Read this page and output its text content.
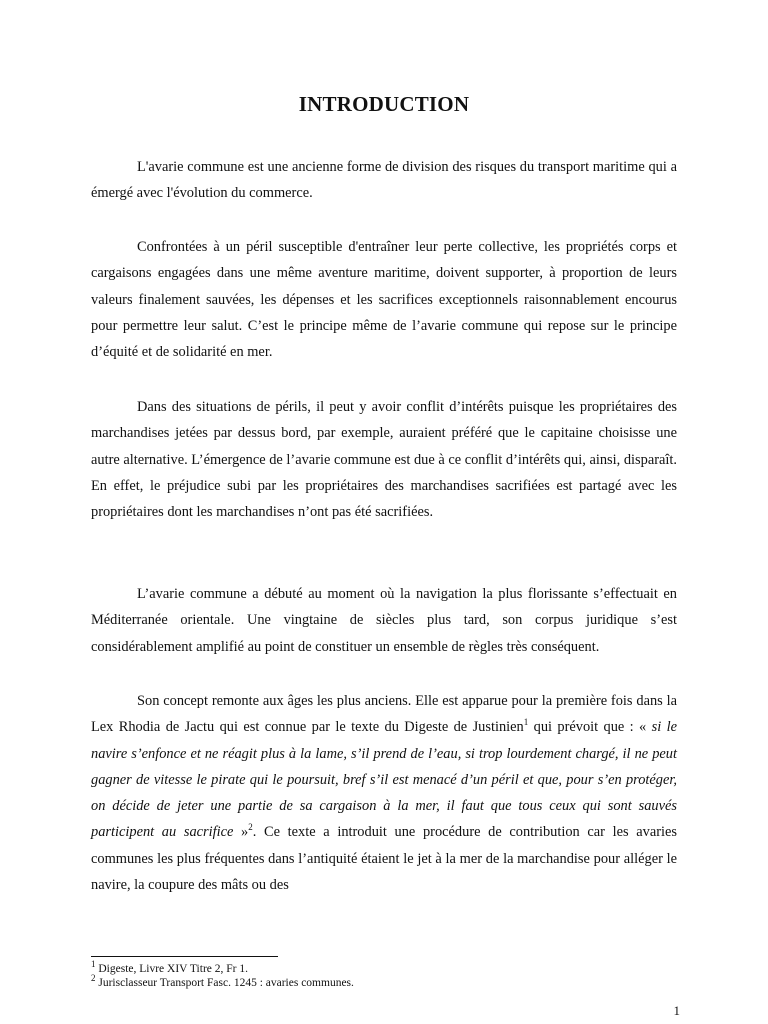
INTRODUCTION

L'avarie commune est une ancienne forme de division des risques du transport maritime qui a émergé avec l'évolution du commerce.

Confrontées à un péril susceptible d'entraîner leur perte collective, les propriétés corps et cargaisons engagées dans une même aventure maritime, doivent supporter, à proportion de leurs valeurs finalement sauvées, les dépenses et les sacrifices exceptionnels raisonnablement encourus pour permettre leur salut. C’est le principe même de l’avarie commune qui repose sur le principe d’équité et de solidarité en mer.

Dans des situations de périls, il peut y avoir conflit d’intérêts puisque les propriétaires des marchandises jetées par dessus bord, par exemple, auraient préféré que le capitaine choisisse une autre alternative. L’émergence de l’avarie commune est due à ce conflit d’intérêts qui, ainsi, disparaît. En effet, le préjudice subi par les propriétaires des marchandises sacrifiées est partagé avec les propriétaires dont les marchandises n’ont pas été sacrifiées.

L’avarie commune a débuté au moment où la navigation la plus florissante s’effectuait en Méditerranée orientale. Une vingtaine de siècles plus tard, son corpus juridique s’est considérablement amplifié au point de constituer un ensemble de règles très conséquent.

Son concept remonte aux âges les plus anciens. Elle est apparue pour la première fois dans la Lex Rhodia de Jactu qui est connue par le texte du Digeste de Justinien$^1$ qui prévoit que : « si le navire s’enfonce et ne réagit plus à la lame, s’il prend de l’eau, si trop lourdement chargé, il ne peut gagner de vitesse le pirate qui le poursuit, bref s’il est menacé d’un péril et que, pour s’en protéger, on décide de jeter une partie de sa cargaison à la mer, il faut que tous ceux qui sont sauvés participent au sacrifice »$^2$. Ce texte a introduit une procédure de contribution car les avaries communes les plus fréquentes dans l’antiquité étaient le jet à la mer de la marchandise pour alléger le navire, la coupure des mâts ou des

$^1$ Digeste, Livre XIV Titre 2, Fr 1.

$^2$ Jurisclasseur Transport Fasc. 1245 : avaries communes.

1
